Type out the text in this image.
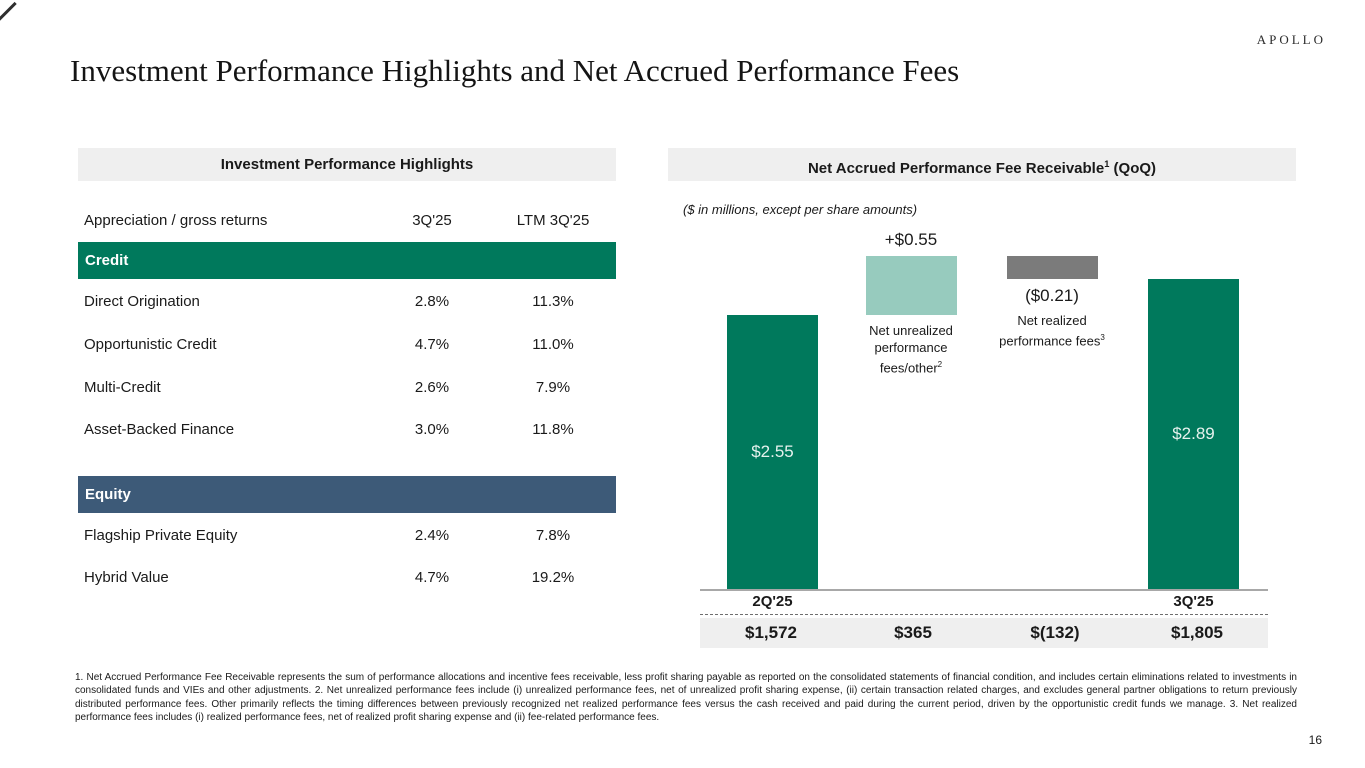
APOLLO
Investment Performance Highlights and Net Accrued Performance Fees
Investment Performance Highlights
Appreciation / gross returns	3Q'25	LTM 3Q'25
Credit
Direct Origination	2.8%	11.3%
Opportunistic Credit	4.7%	11.0%
Multi-Credit	2.6%	7.9%
Asset-Backed Finance	3.0%	11.8%
Equity
Flagship Private Equity	2.4%	7.8%
Hybrid Value	4.7%	19.2%
Net Accrued Performance Fee Receivable$^1$ (QoQ)
($ in millions, except per share amounts)
$2.55
$2.89
+$0.55
($0.21)
Net unrealized performance fees/other$^2$
Net realized performance fees$^3$
2Q'25	3Q'25
$1,572	$365	$(132)	$1,805
1. Net Accrued Performance Fee Receivable represents the sum of performance allocations and incentive fees receivable, less profit sharing payable as reported on the consolidated statements of financial condition, and includes certain eliminations related to investments in consolidated funds and VIEs and other adjustments. 2. Net unrealized performance fees include (i) unrealized performance fees, net of unrealized profit sharing expense, (ii) certain transaction related charges, and excludes general partner obligations to return previously distributed performance fees. Other primarily reflects the timing differences between previously recognized net realized performance fees versus the cash received and paid during the current period, driven by the opportunistic credit funds we manage. 3. Net realized performance fees includes (i) realized performance fees, net of realized profit sharing expense and (ii) fee-related performance fees.
16
